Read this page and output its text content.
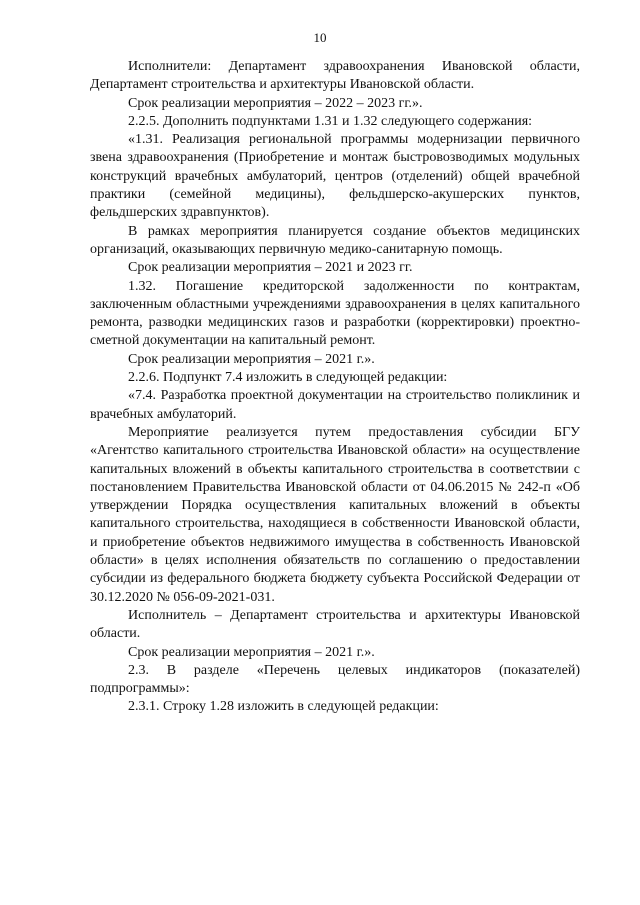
10

Исполнители: Департамент здравоохранения Ивановской области, Департамент строительства и архитектуры Ивановской области.

Срок реализации мероприятия – 2022 – 2023 гг.».

2.2.5. Дополнить подпунктами 1.31 и 1.32 следующего содержания:

«1.31. Реализация региональной программы модернизации первичного звена здравоохранения (Приобретение и монтаж быстровозводимых модульных конструкций врачебных амбулаторий, центров (отделений) общей врачебной практики (семейной медицины), фельдшерско-акушерских пунктов, фельдшерских здравпунктов).

В рамках мероприятия планируется создание объектов медицинских организаций, оказывающих первичную медико-санитарную помощь.

Срок реализации мероприятия – 2021 и 2023 гг.

1.32. Погашение кредиторской задолженности по контрактам, заключенным областными учреждениями здравоохранения в целях капитального ремонта, разводки медицинских газов и разработки (корректировки) проектно-сметной документации на капитальный ремонт.

Срок реализации мероприятия – 2021 г.».

2.2.6. Подпункт 7.4 изложить в следующей редакции:

«7.4. Разработка проектной документации на строительство поликлиник и врачебных амбулаторий.

Мероприятие реализуется путем предоставления субсидии БГУ «Агентство капитального строительства Ивановской области» на осуществление капитальных вложений в объекты капитального строительства в соответствии с постановлением Правительства Ивановской области от 04.06.2015 № 242-п «Об утверждении Порядка осуществления капитальных вложений в объекты капитального строительства, находящиеся в собственности Ивановской области, и приобретение объектов недвижимого имущества в собственность Ивановской области» в целях исполнения обязательств по соглашению о предоставлении субсидии из федерального бюджета бюджету субъекта Российской Федерации от 30.12.2020 № 056-09-2021-031.

Исполнитель – Департамент строительства и архитектуры Ивановской области.

Срок реализации мероприятия – 2021 г.».

2.3. В разделе «Перечень целевых индикаторов (показателей) подпрограммы»:

2.3.1. Строку 1.28 изложить в следующей редакции:
